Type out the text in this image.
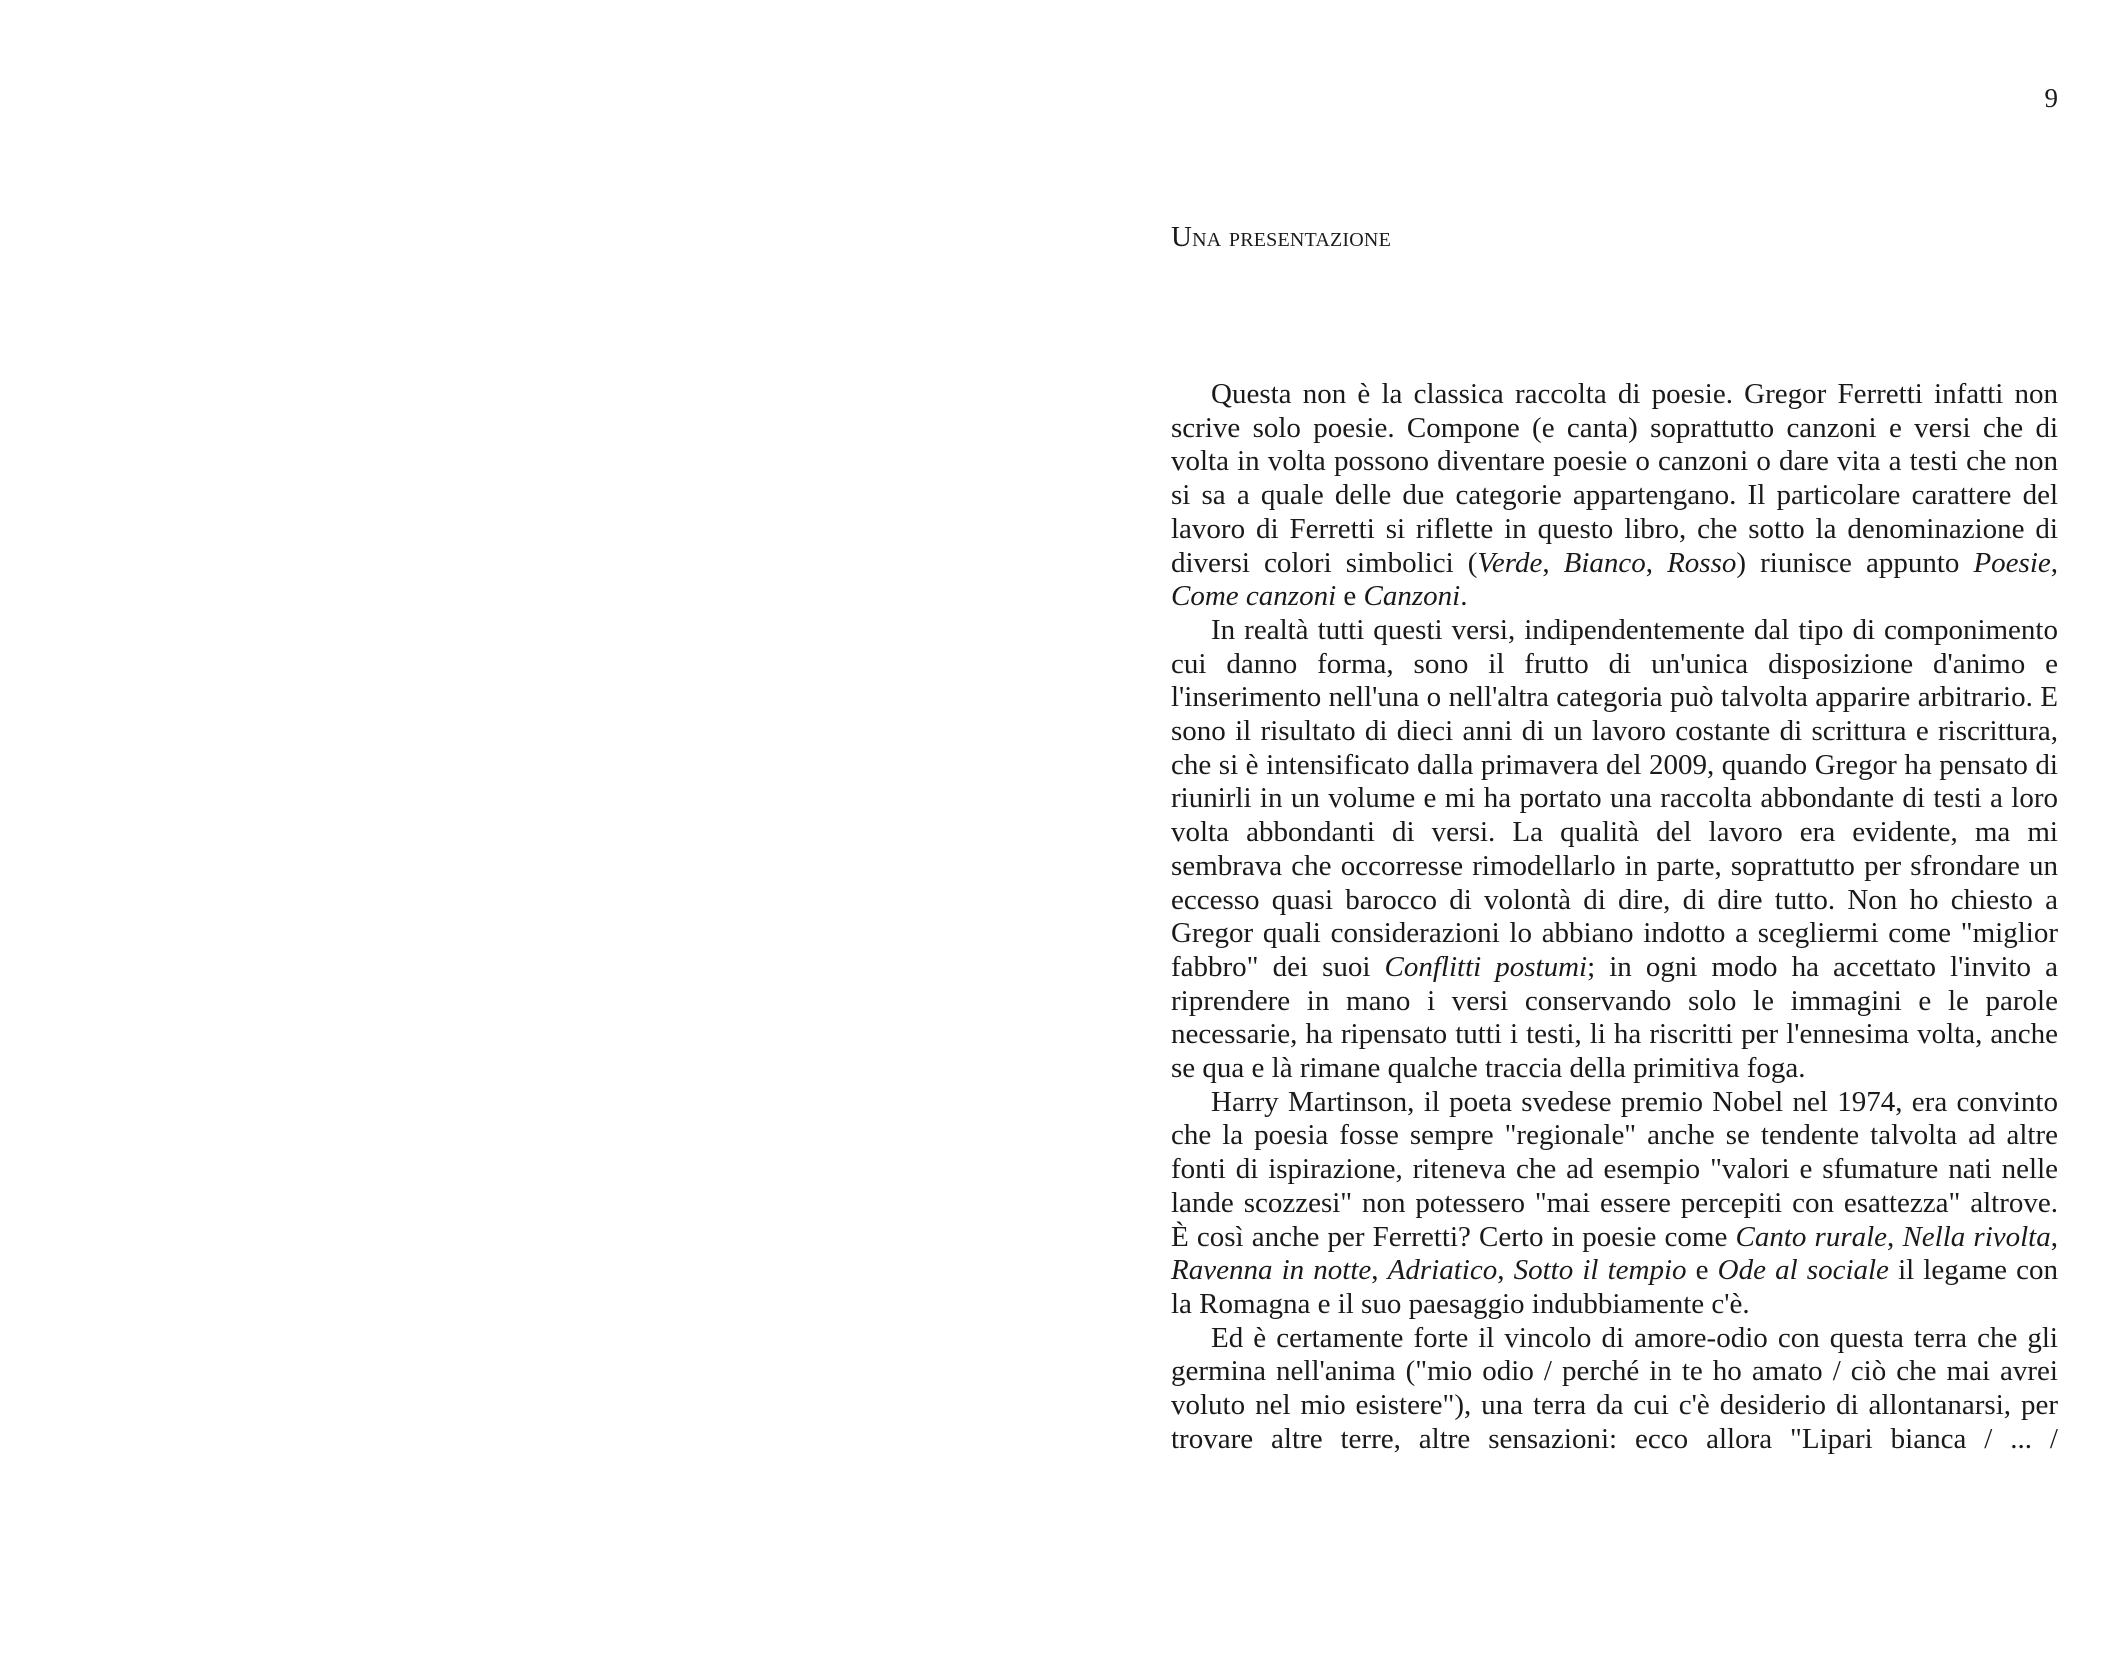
9
Una presentazione

Questa non è la classica raccolta di poesie. Gregor Ferretti infatti non scrive solo poesie. Compone (e canta) soprattutto canzoni e versi che di volta in volta possono diventare poesie o canzoni o dare vita a testi che non si sa a quale delle due categorie appartengano. Il particolare carattere del lavoro di Ferretti si riflette in questo libro, che sotto la denominazione di diversi colori simbolici (Verde, Bianco, Rosso) riunisce appunto Poesie, Come canzoni e Canzoni.

In realtà tutti questi versi, indipendentemente dal tipo di componimento cui danno forma, sono il frutto di un'unica disposizione d'animo e l'inserimento nell'una o nell'altra categoria può talvolta apparire arbitrario. E sono il risultato di dieci anni di un lavoro costante di scrittura e riscrittura, che si è intensificato dalla primavera del 2009, quando Gregor ha pensato di riunirli in un volume e mi ha portato una raccolta abbondante di testi a loro volta abbondanti di versi. La qualità del lavoro era evidente, ma mi sembrava che occorresse rimodellarlo in parte, soprattutto per sfrondare un eccesso quasi barocco di volontà di dire, di dire tutto. Non ho chiesto a Gregor quali considerazioni lo abbiano indotto a scegliermi come "miglior fabbro" dei suoi Conflitti postumi; in ogni modo ha accettato l'invito a riprendere in mano i versi conservando solo le immagini e le parole necessarie, ha ripensato tutti i testi, li ha riscritti per l'ennesima volta, anche se qua e là rimane qualche traccia della primitiva foga.

Harry Martinson, il poeta svedese premio Nobel nel 1974, era convinto che la poesia fosse sempre "regionale" anche se tendente talvolta ad altre fonti di ispirazione, riteneva che ad esempio "valori e sfumature nati nelle lande scozzesi" non potessero "mai essere percepiti con esattezza" altrove. È così anche per Ferretti? Certo in poesie come Canto rurale, Nella rivolta, Ravenna in notte, Adriatico, Sotto il tempio e Ode al sociale il legame con la Romagna e il suo paesaggio indubbiamente c'è.

Ed è certamente forte il vincolo di amore-odio con questa terra che gli germina nell'anima ("mio odio / perché in te ho amato / ciò che mai avrei voluto nel mio esistere"), una terra da cui c'è desiderio di allontanarsi, per trovare altre terre, altre sensazioni: ecco allora "Lipari bianca / ... /
